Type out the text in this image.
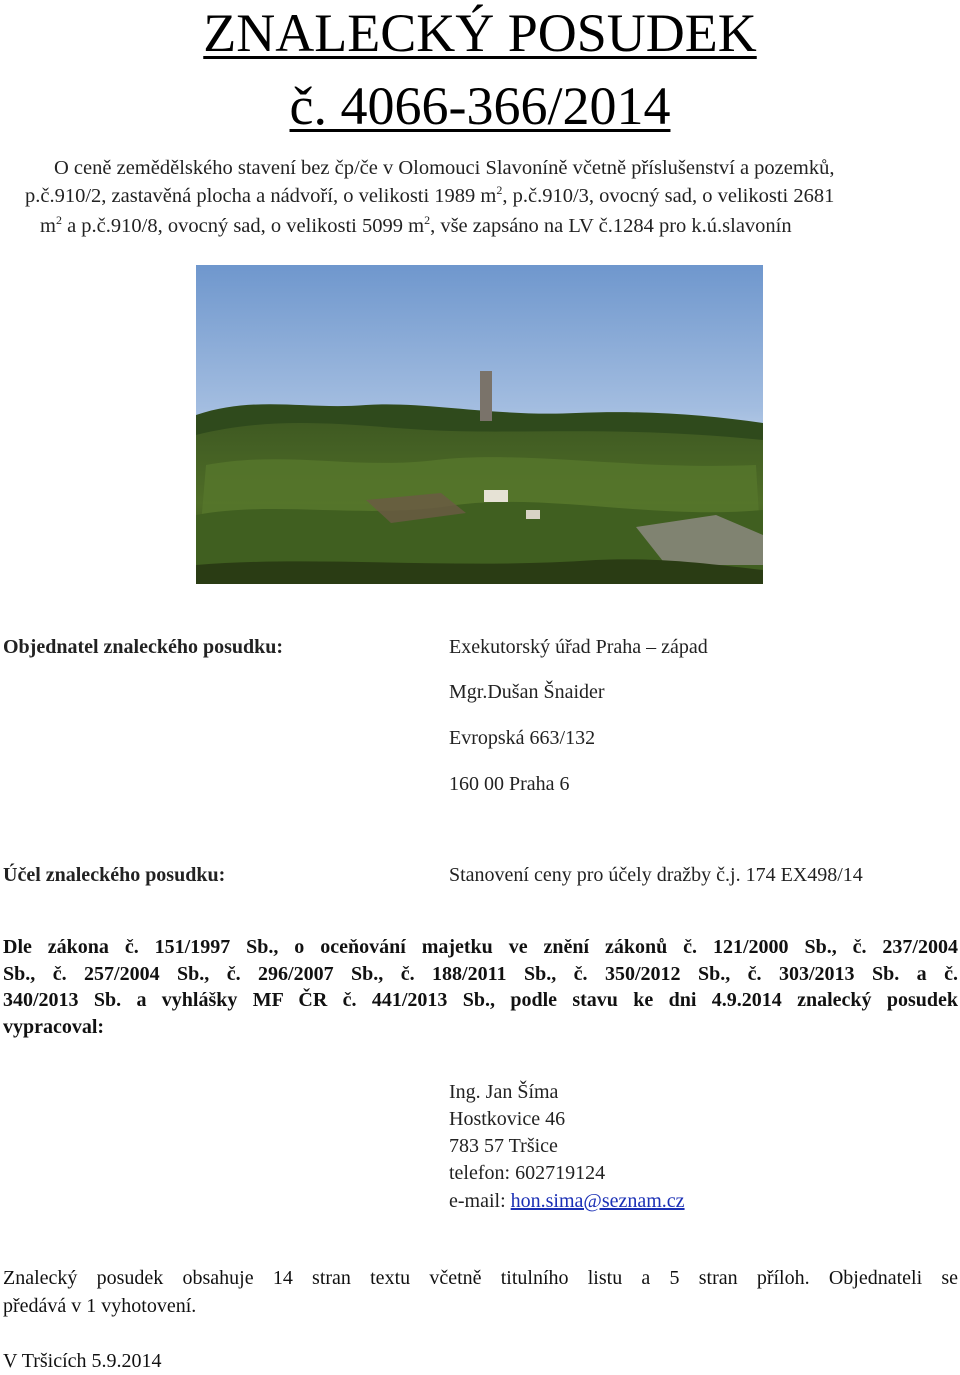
ZNALECKÝ POSUDEK
č. 4066-366/2014
O ceně zemědělského stavení bez čp/če v Olomouci Slavoníně včetně příslušenství a pozemků,
p.č.910/2, zastavěná plocha a nádvoří, o velikosti 1989 $m^2$, p.č.910/3, ovocný sad, o velikosti 2681
$m^2$ a p.č.910/8, ovocný sad, o velikosti 5099 $m^2$, vše zapsáno na LV č.1284 pro k.ú.slavonín
Objednatel znaleckého posudku:	Exekutorský úřad Praha – západ
Mgr.Dušan Šnaider
Evropská 663/132
160 00 Praha 6
Účel znaleckého posudku:	Stanovení ceny pro účely dražby č.j. 174 EX498/14
Dle zákona č. 151/1997 Sb., o oceňování majetku ve znění zákonů č. 121/2000 Sb., č. 237/2004
Sb., č. 257/2004 Sb., č. 296/2007 Sb., č. 188/2011 Sb., č. 350/2012 Sb., č. 303/2013 Sb. a č.
340/2013 Sb. a vyhlášky MF ČR č. 441/2013 Sb., podle stavu ke dni 4.9.2014 znalecký posudek
vypracoval:
Ing. Jan Šíma
Hostkovice 46
783 57 Tršice
telefon: 602719124
e-mail: hon.sima@seznam.cz
Znalecký posudek obsahuje 14 stran textu včetně titulního listu a 5 stran příloh. Objednateli se
předává v 1 vyhotovení.
V Tršicích 5.9.2014
